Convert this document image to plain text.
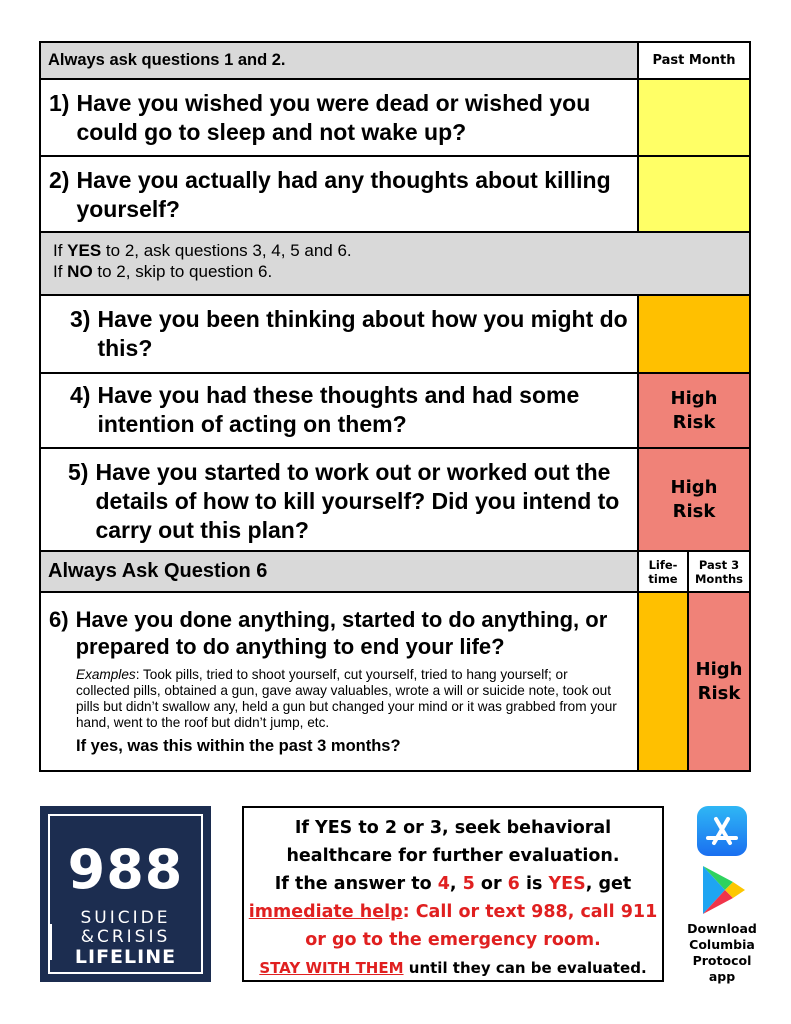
Always ask questions 1 and 2.	Past Month
1) Have you wished you were dead or wished you could go to sleep and not wake up?
2) Have you actually had any thoughts about killing yourself?
If YES to 2, ask questions 3, 4, 5 and 6.
If NO to 2, skip to question 6.
3) Have you been thinking about how you might do this?
4) Have you had these thoughts and had some intention of acting on them?
High
Risk
5) Have you started to work out or worked out the details of how to kill yourself? Did you intend to carry out this plan?
High
Risk
Always Ask Question 6	Life-
time
Past 3
Months
6) Have you done anything, started to do anything, or prepared to do anything to end your life?
Examples: Took pills, tried to shoot yourself, cut yourself, tried to hang yourself; or collected pills, obtained a gun, gave away valuables, wrote a will or suicide note, took out pills but didn’t swallow any, held a gun but changed your mind or it was grabbed from your hand, went to the roof but didn’t jump, etc.
If yes, was this within the past 3 months?
High
Risk
988
SUICIDE
&CRISIS
LIFELINE
If YES to 2 or 3, seek behavioral
healthcare for further evaluation.
If the answer to 4, 5 or 6 is YES, get
immediate help: Call or text 988, call 911
or go to the emergency room.
STAY WITH THEM until they can be evaluated.
Download
Columbia
Protocol
app
